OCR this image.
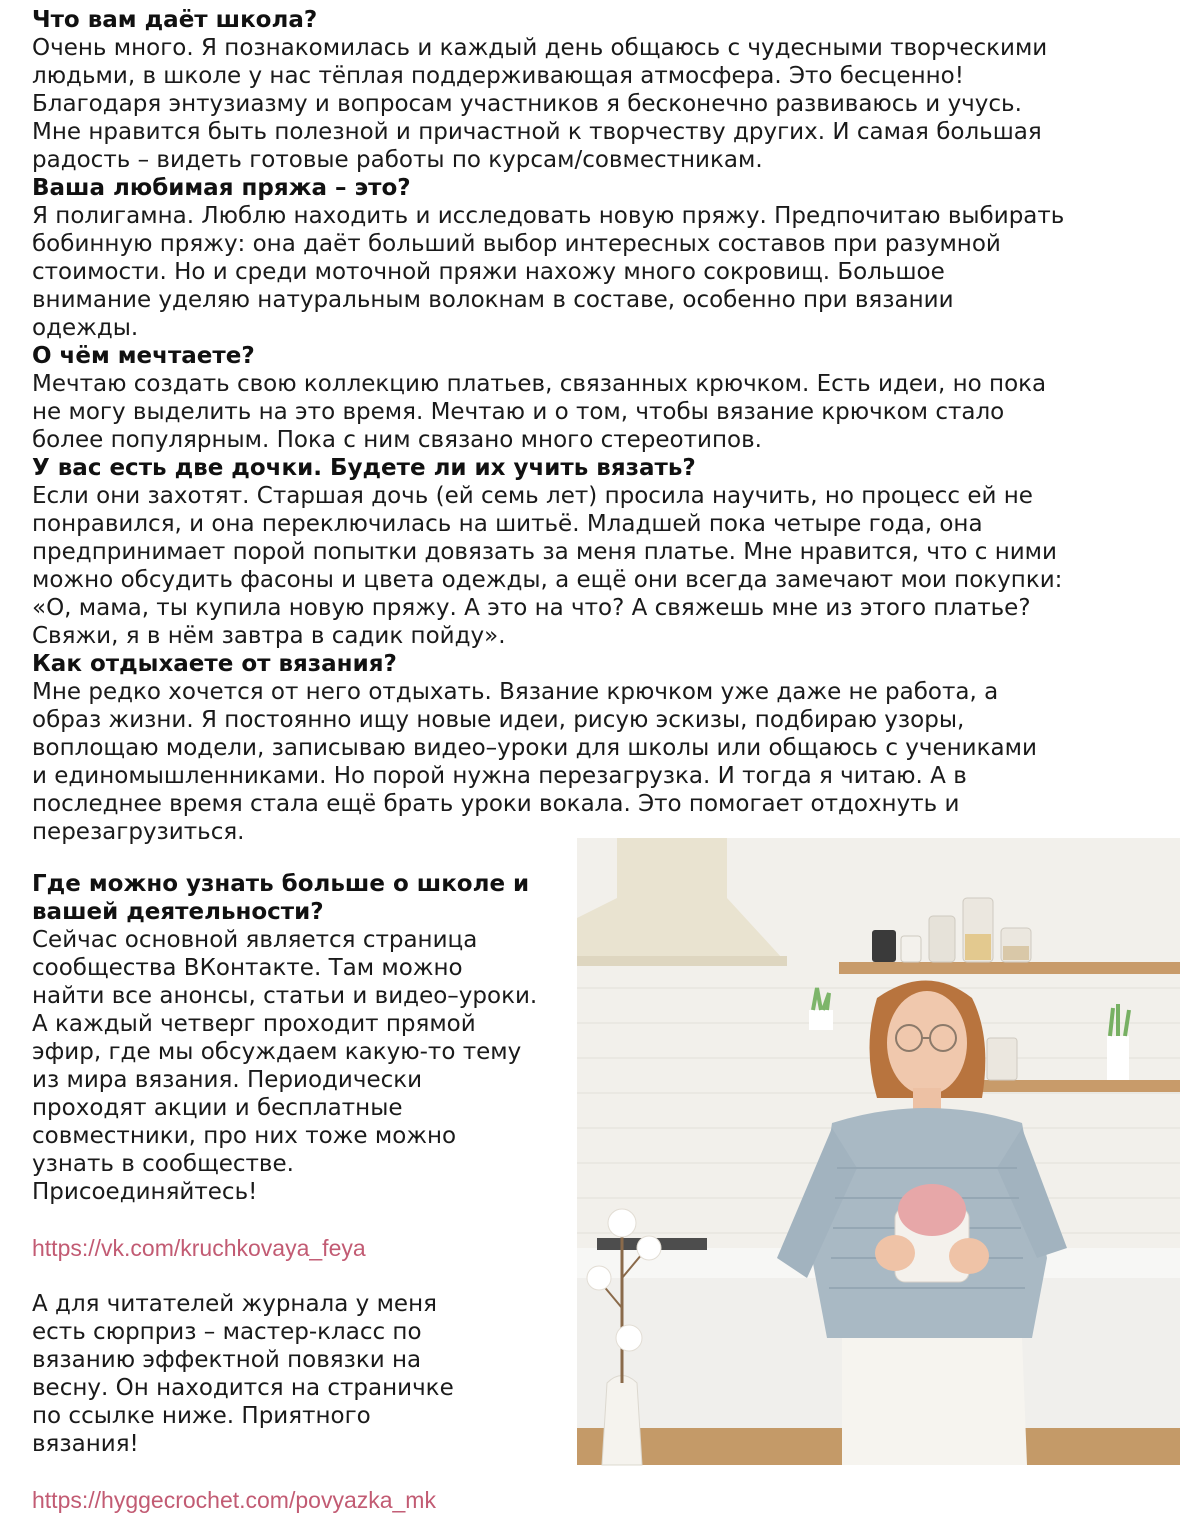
Что вам даёт школа?
Очень много. Я познакомилась и каждый день общаюсь с чудесными творческими
людьми, в школе у нас тёплая поддерживающая атмосфера. Это бесценно!
Благодаря энтузиазму и вопросам участников я бесконечно развиваюсь и учусь.
Мне нравится быть полезной и причастной к творчеству других. И самая большая
радость – видеть готовые работы по курсам/совместникам.
Ваша любимая пряжа – это?
Я полигамна. Люблю находить и исследовать новую пряжу. Предпочитаю выбирать
бобинную пряжу: она даёт больший выбор интересных составов при разумной
стоимости. Но и среди моточной пряжи нахожу много сокровищ. Большое
внимание уделяю натуральным волокнам в составе, особенно при вязании
одежды.
О чём мечтаете?
Мечтаю создать свою коллекцию платьев, связанных крючком. Есть идеи, но пока
не могу выделить на это время. Мечтаю и о том, чтобы вязание крючком стало
более популярным. Пока с ним связано много стереотипов.
У вас есть две дочки. Будете ли их учить вязать?
Если они захотят. Старшая дочь (ей семь лет) просила научить, но процесс ей не
понравился, и она переключилась на шитьё. Младшей пока четыре года, она
предпринимает порой попытки довязать за меня платье. Мне нравится, что с ними
можно обсудить фасоны и цвета одежды, а ещё они всегда замечают мои покупки:
«О, мама, ты купила новую пряжу. А это на что? А свяжешь мне из этого платье?
Свяжи, я в нём завтра в садик пойду».
Как отдыхаете от вязания?
Мне редко хочется от него отдыхать. Вязание крючком уже даже не работа, а
образ жизни. Я постоянно ищу новые идеи, рисую эскизы, подбираю узоры,
воплощаю модели, записываю видео–уроки для школы или общаюсь с учениками
и единомышленниками. Но порой нужна перезагрузка. И тогда я читаю. А в
последнее время стала ещё брать уроки вокала. Это помогает отдохнуть и
перезагрузиться.
Где можно узнать больше о школе и
вашей деятельности?
Сейчас основной является страница
сообщества ВКонтакте. Там можно
найти все анонсы, статьи и видео–уроки.
А каждый четверг проходит прямой
эфир, где мы обсуждаем какую-то тему
из мира вязания. Периодически
проходят акции и бесплатные
совместники, про них тоже можно
узнать в сообществе.
Присоединяйтесь!
https://vk.com/kruchkovaya_feya
А для читателей журнала у меня
есть сюрприз – мастер-класс по
вязанию эффектной повязки на
весну. Он находится на страничке
по ссылке ниже. Приятного
вязания!
https://hyggecrochet.com/povyazka_mk
